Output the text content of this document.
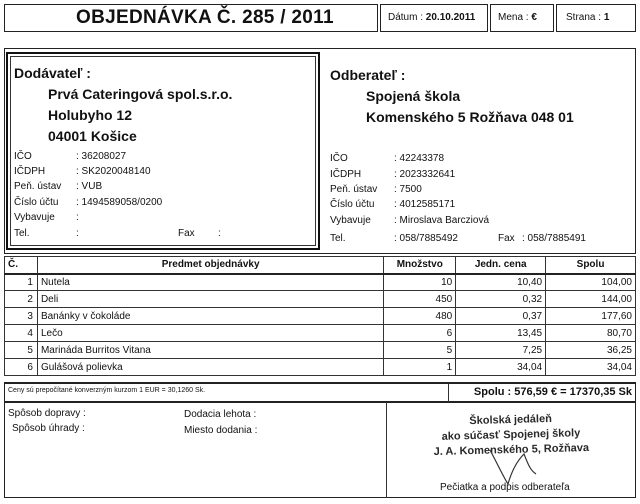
OBJEDNÁVKA Č. 285 / 2011	Dátum : 20.10.2011 Mena : €	Strana : 1
Dodávateľ :
Prvá Cateringová spol.s.r.o.
Holubyho 12
04001 Košice
IČO	: 36208027
IČDPH	: SK2020048140
Peň. ústav : VUB
Číslo účtu : 1494589058/0200
Vybavuje :
Tel.	:	Fax :
Odberateľ :
Spojená škola
Komenského 5 Rožňava 048 01
IČO	: 42243378
IČDPH	: 2023332641
Peň. ústav : 7500
Číslo účtu : 4012585171
Vybavuje : Miroslava Barcziová
Tel.	: 058/7885492	Fax : 058/7885491
Č.	Predmet objednávky	Množstvo	Jedn. cena	Spolu
1	Nutela	10	10,40	104,00
2	Deli	450	0,32	144,00
3	Banánky v čokoláde	480	0,37	177,60
4	Lečo	6	13,45	80,70
5	Marináda Burritos Vitana	5	7,25	36,25
6	Gulášová polievka	1	34,04	34,04
Ceny sú prepočítané konverzným kurzom 1 EUR = 30,1260 Sk.	Spolu : 576,59 € = 17370,35 Sk
Spôsob dopravy :
Spôsob úhrady :
Dodacia lehota :
Miesto dodania :
Školská jedáleň
ako súčasť Spojenej školy
J. A. Komenského 5, Rožňava
Pečiatka a podpis odberateľa
